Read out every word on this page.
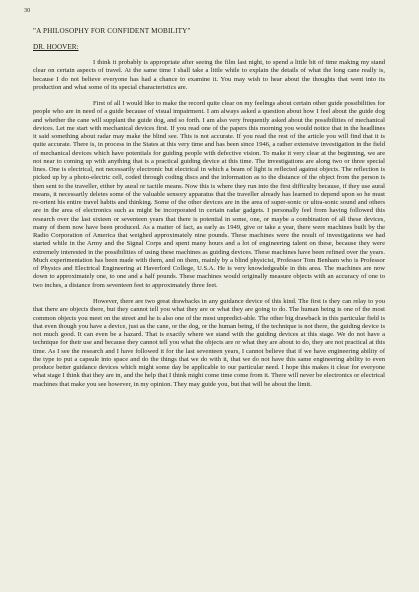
30
"A PHILOSOPHY FOR CONFIDENT MOBILITY"
DR. HOOVER:

I think it probably is appropriate after seeing the film last night, to spend a little bit of time making my stand clear on certain aspects of travel. At the same time I shall take a little while to explain the details of what the long cane really is, because I do not believe everyone has had a chance to examine it. You may wish to hear about the thoughts that went into its production and what some of its special characteristics are.

First of all I would like to make the record quite clear on my feelings about certain other guide possibilities for people who are in need of a guide because of visual impairment. I am always asked a question about how I feel about the guide dog and whether the cane will supplant the guide dog, and so forth. I am also very frequently asked about the possibilities of mechanical devices. Let me start with mechanical devices first. If you read one of the papers this morning you would notice that in the headlines it said something about radar may make the blind see. This is not accurate. If you read the rest of the article you will find that it is quite accurate. There is, in process in the States at this very time and has been since 1946, a rather extensive investigation in the field of mechanical devices which have potentials for guiding people with defective vision. To make it very clear at the beginning, we are not near to coming up with anything that is a practical guiding device at this time. The investigations are along two or three special lines. One is electrical, not necessarily electronic but electrical in which a beam of light is reflected against objects. The reflection is picked up by a photo-electric cell, coded through coding discs and the information as to the distance of the object from the person is then sent to the traveller, either by aural or tactile means. Now this is where they run into the first difficulty because, if they use aural means, it necessarily deletes some of the valuable sensory apparatus that the traveller already has learned to depend upon so he must re-orient his entire travel habits and thinking. Some of the other devices are in the area of super-sonic or ultra-sonic sound and others are in the area of electronics such as might be incorporated in certain radar gadgets. I personally feel from having followed this research over the last sixteen or seventeen years that there is potential in some, one, or maybe a combination of all these devices, many of them now have been produced. As a matter of fact, as early as 1949, give or take a year, there were machines built by the Radio Corporation of America that weighed approximately nine pounds. These machines were the result of investigations we had started while in the Army and the Signal Corps and spent many hours and a lot of engineering talent on these, because they were extremely interested in the possibilities of using these machines as guiding devices. These machines have been refined over the years. Much experimentation has been made with them, and on them, mainly by a blind physicist, Professor Tom Benham who is Professor of Physics and Electrical Engineering at Haverford College, U.S.A. He is very knowledgeable in this area. The machines are now down to approximately one, to one and a half pounds. These machines would originally measure objects with an accuracy of one to two inches, a distance from seventeen feet to approximately three feet.

However, there are two great drawbacks in any guidance device of this kind. The first is they can relay to you that there are objects there, but they cannot tell you what they are or what they are going to do. The human being is one of the most common objects you meet on the street and he is also one of the most unpredict-able. The other big drawback in this particular field is that even though you have a device, just as the cane, or the dog, or the human being, if the technique is not there, the guiding device is not much good. It can even be a hazard. That is exactly where we stand with the guiding devices at this stage. We do not have a technique for their use and because they cannot tell you what the objects are or what they are about to do, they are not practical at this time. As I see the research and I have followed it for the last seventeen years, I cannot believe that if we have engineering ability of the type to put a capsule into space and do the things that we do with it, that we do not have this same engineering ability to even produce better guidance devices which might some day be applicable to our particular need. I hope this makes it clear for everyone what stage I think that they are in, and the help that I think might come time come from it. There will never be electronics or electrical machines that make you see however, in my opinion. They may guide you, but that will be about the limit.
